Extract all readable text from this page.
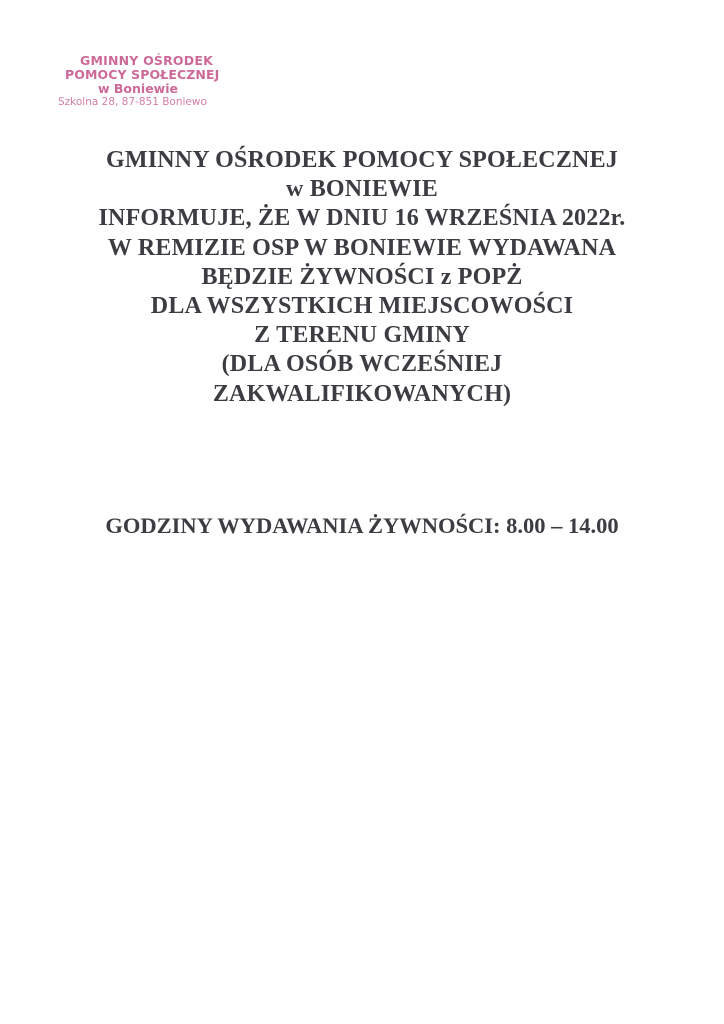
GMINNY OŚRODEK
POMOCY SPOŁECZNEJ
w Boniewie
Szkolna 28, 87-851 Boniewo
GMINNY OŚRODEK POMOCY SPOŁECZNEJ
w BONIEWIE
INFORMUJE, ŻE W DNIU 16 WRZEŚNIA 2022r.
W REMIZIE OSP W BONIEWIE WYDAWANA
BĘDZIE ŻYWNOŚCI z POPŻ
DLA WSZYSTKICH MIEJSCOWOŚCI
Z TERENU GMINY
(DLA OSÓB WCZEŚNIEJ
ZAKWALIFIKOWANYCH)
GODZINY WYDAWANIA ŻYWNOŚCI: 8.00 – 14.00
